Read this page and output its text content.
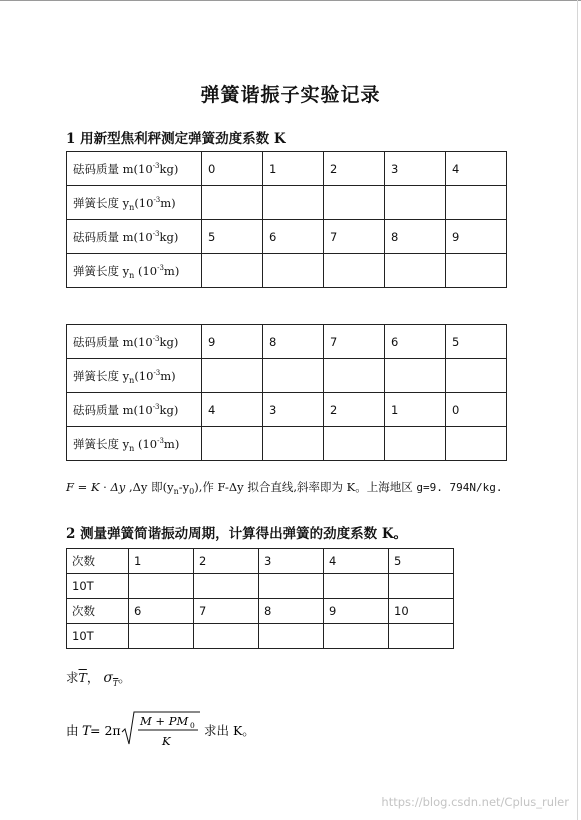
弹簧谐振子实验记录
1 用新型焦利秤测定弹簧劲度系数 K
砝码质量 $m(10^{-3}kg)$	0	1	2	3	4
弹簧长度 $y_n(10^{-3}m)$					
砝码质量 $m(10^{-3}kg)$	5	6	7	8	9
弹簧长度 $y_n$ $(10^{-3}m)$					
砝码质量 $m(10^{-3}kg)$	9	8	7	6	5
弹簧长度 $y_n(10^{-3}m)$					
砝码质量 $m(10^{-3}kg)$	4	3	2	1	0
弹簧长度 $y_n$ $(10^{-3}m)$					
F = K · Δy ,Δy 即$(y_n-y_0)$,作 F-Δy 拟合直线,斜率即为 K。上海地区 g=9. 794N/kg.
2 测量弹簧简谐振动周期，计算得出弹簧的劲度系数 K。
次数	1	2	3	4	5
10T					
次数	6	7	8	9	10
10T					
求$\overline{T}$， $\sigma_{\overline{T}}$。
由 T = 2π
M + PM 0
K
求出 K。
https://blog.csdn.net/Cplus_ruler
